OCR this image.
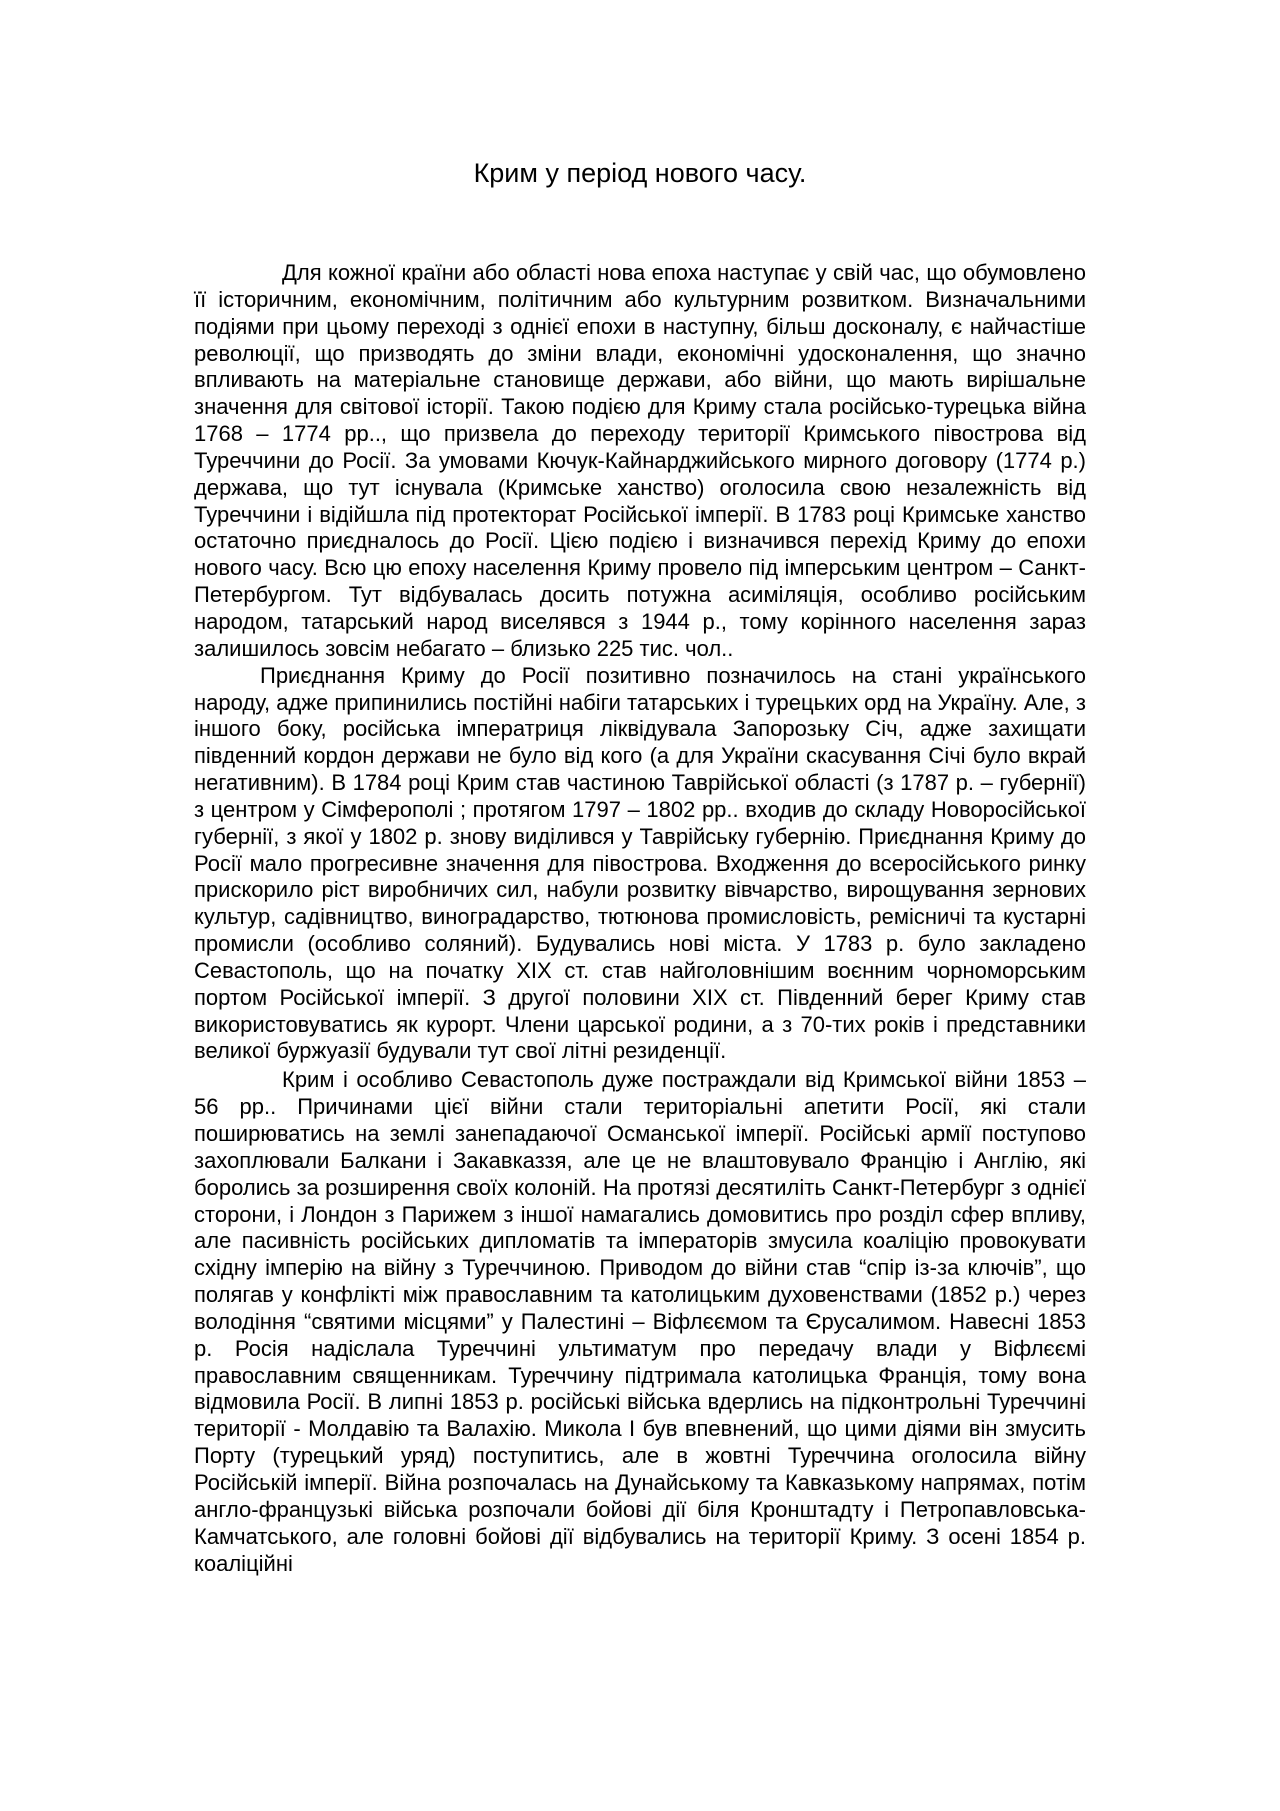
Крим у період нового часу.

Для кожної країни або області нова епоха наступає у свій час, що обумовлено її історичним, економічним, політичним або культурним розвитком. Визначальними подіями при цьому переході з однієї епохи в наступну, більш досконалу, є найчастіше революції, що призводять до зміни влади, економічні удосконалення, що значно впливають на матеріальне становище держави, або війни, що мають вирішальне значення для світової історії. Такою подією для Криму стала російсько-турецька війна 1768 – 1774 рр.., що призвела до переходу території Кримського півострова від Туреччини до Росії. За умовами Кючук-Кайнарджийського мирного договору (1774 р.) держава, що тут існувала (Кримське ханство) оголосила свою незалежність від Туреччини і відійшла під протекторат Російської імперії. В 1783 році Кримське ханство остаточно приєдналось до Росії. Цією подією і визначився перехід Криму до епохи нового часу. Всю цю епоху населення Криму провело під імперським центром – Санкт-Петербургом. Тут відбувалась досить потужна асиміляція, особливо російським народом, татарський народ виселявся з 1944 р., тому корінного населення зараз залишилось зовсім небагато – близько 225 тис. чол..

Приєднання Криму до Росії позитивно позначилось на стані українського народу, адже припинились постійні набіги татарських і турецьких орд на Україну. Але, з іншого боку, російська імператриця ліквідувала Запорозьку Січ, адже захищати південний кордон держави не було від кого (а для України скасування Січі було вкрай негативним). В 1784 році Крим став частиною Таврійської області (з 1787 р. – губернії) з центром у Сімферополі ; протягом 1797 – 1802 рр.. входив до складу Новоросійської губернії, з якої у 1802 р. знову виділився у Таврійську губернію. Приєднання Криму до Росії мало прогресивне значення для півострова. Входження до всеросійського ринку прискорило ріст виробничих сил, набули розвитку вівчарство, вирощування зернових культур, садівництво, виноградарство, тютюнова промисловість, ремісничі та кустарні промисли (особливо соляний). Будувались нові міста. У 1783 р. було закладено Севастополь, що на початку XIX ст. став найголовнішим воєнним чорноморським портом Російської імперії. З другої половини XIX ст. Південний берег Криму став використовуватись як курорт. Члени царської родини, а з 70-тих років і представники великої буржуазії будували тут свої літні резиденції.

Крим і особливо Севастополь дуже постраждали від Кримської війни 1853 – 56 рр.. Причинами цієї війни стали територіальні апетити Росії, які стали поширюватись на землі занепадаючої Османської імперії. Російські армії поступово захоплювали Балкани і Закавказзя, але це не влаштовувало Францію і Англію, які боролись за розширення своїх колоній. На протязі десятиліть Санкт-Петербург з однієї сторони, і Лондон з Парижем з іншої намагались домовитись про розділ сфер впливу, але пасивність російських дипломатів та імператорів змусила коаліцію провокувати східну імперію на війну з Туреччиною. Приводом до війни став “спір із-за ключів”, що полягав у конфлікті між православним та католицьким духовенствами (1852 р.) через володіння “святими місцями” у Палестині – Віфлєємом та Єрусалимом. Навесні 1853 р. Росія надіслала Туреччині ультиматум про передачу влади у Віфлєємі православним священникам. Туреччину підтримала католицька Франція, тому вона відмовила Росії. В липні 1853 р. російські війська вдерлись на підконтрольні Туреччині території - Молдавію та Валахію. Микола I був впевнений, що цими діями він змусить Порту (турецький уряд) поступитись, але в жовтні Туреччина оголосила війну Російській імперії. Війна розпочалась на Дунайському та Кавказькому напрямах, потім англо-французькі війська розпочали бойові дії біля Кронштадту і Петропавловська-Камчатського, але головні бойові дії відбувались на території Криму. З осені 1854 р. коаліційні
